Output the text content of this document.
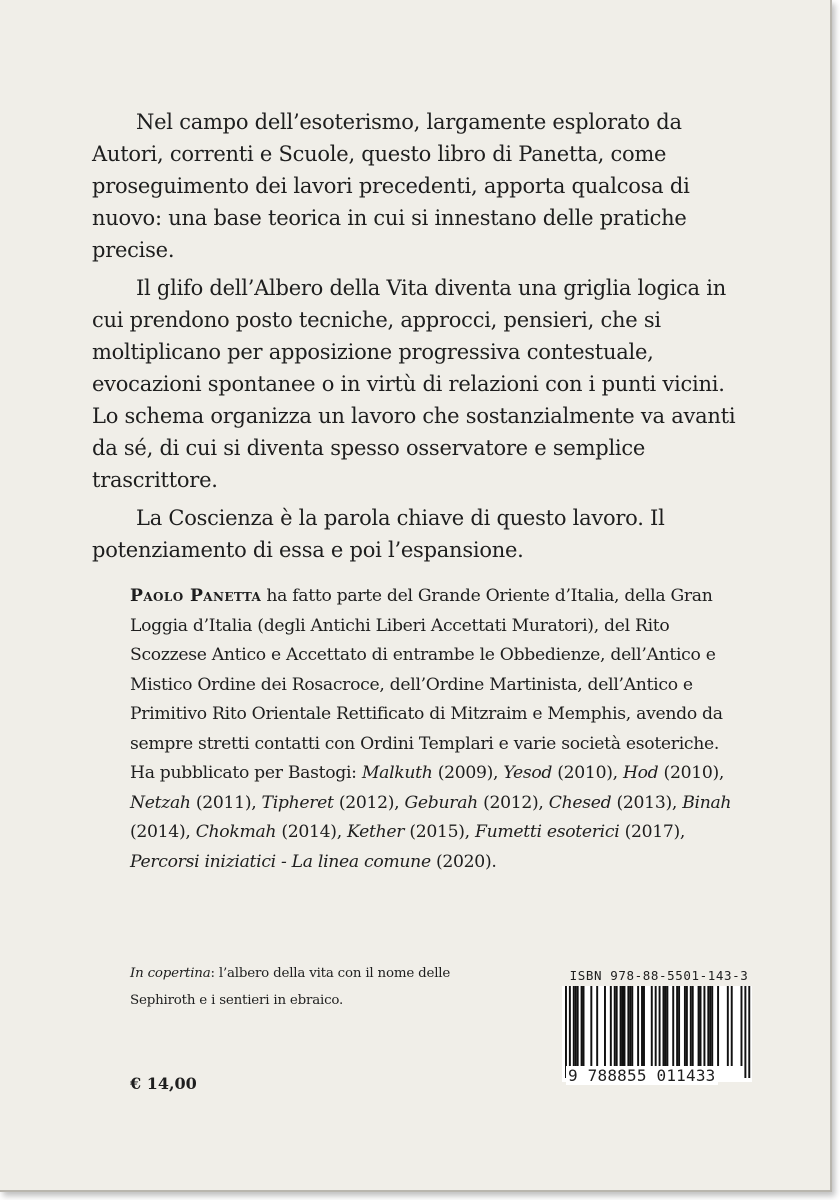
Nel campo dell’esoterismo, largamente esplorato da Autori, correnti e Scuole, questo libro di Panetta, come proseguimento dei lavori precedenti, apporta qualcosa di nuovo: una base teorica in cui si innestano delle pratiche precise.

Il glifo dell’Albero della Vita diventa una griglia logica in cui prendono posto tecniche, approcci, pensieri, che si moltiplicano per apposizione progressiva contestuale, evocazioni spontanee o in virtù di relazioni con i punti vicini. Lo schema organizza un lavoro che sostanzialmente va avanti da sé, di cui si diventa spesso osservatore e semplice trascrittore.

La Coscienza è la parola chiave di questo lavoro. Il potenziamento di essa e poi l’espansione.

Paolo Panetta ha fatto parte del Grande Oriente d’Italia, della Gran Loggia d’Italia (degli Antichi Liberi Accettati Muratori), del Rito Scozzese Antico e Accettato di entrambe le Obbedienze, dell’Antico e Mistico Ordine dei Rosacroce, dell’Ordine Martinista, dell’Antico e Primitivo Rito Orientale Rettificato di Mitzraim e Memphis, avendo da sempre stretti contatti con Ordini Templari e varie società esoteriche.

Ha pubblicato per Bastogi: Malkuth (2009), Yesod (2010), Hod (2010), Netzah (2011), Tipheret (2012), Geburah (2012), Chesed (2013), Binah (2014), Chokmah (2014), Kether (2015), Fumetti esoterici (2017), Percorsi iniziatici - La linea comune (2020).

In copertina: l’albero della vita con il nome delle Sephiroth e i sentieri in ebraico.
€ 14,00
ISBN 978-88-5501-143-3
9 788855 011433
